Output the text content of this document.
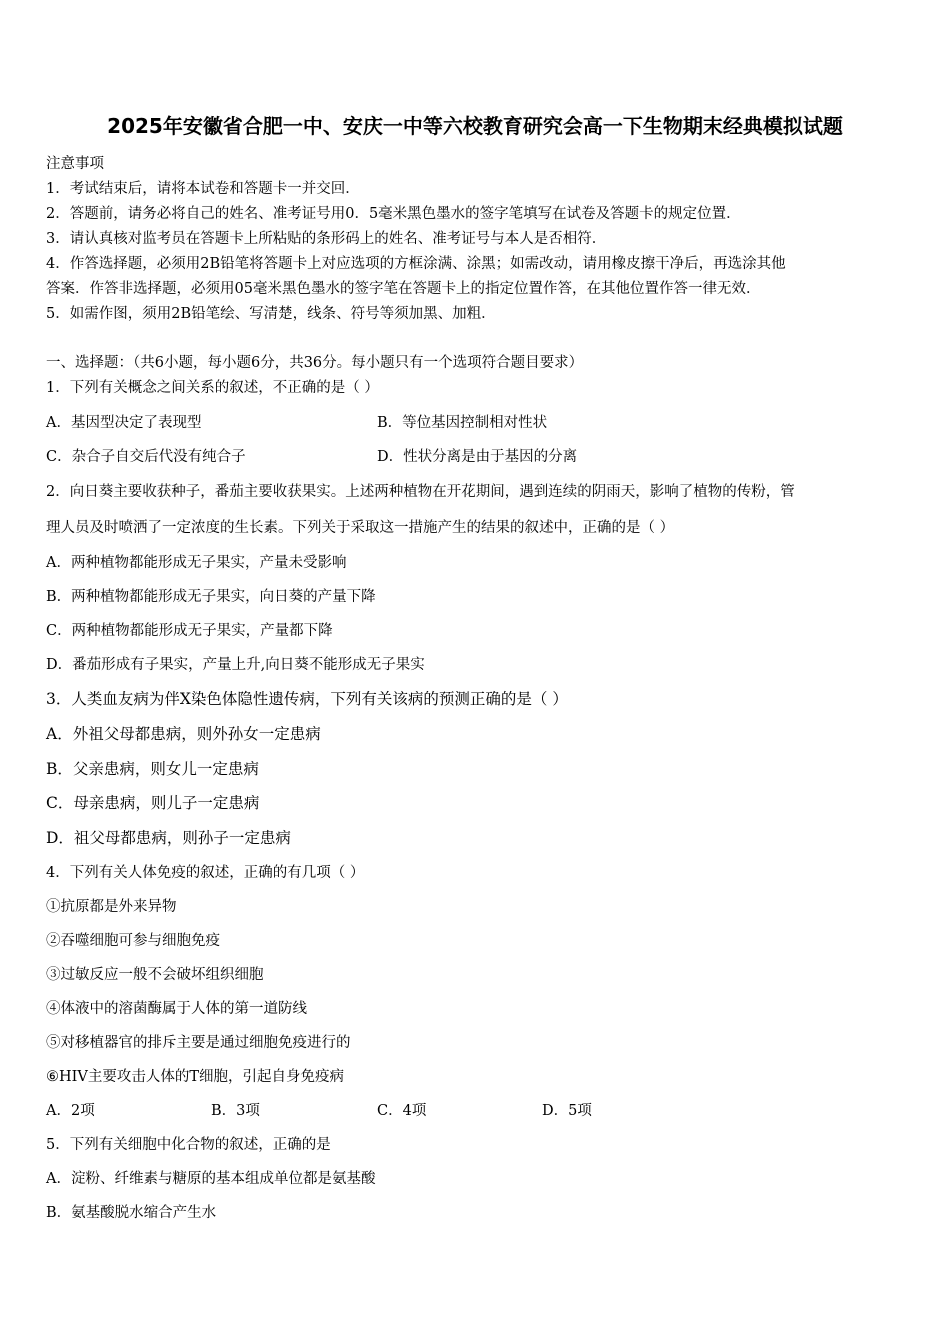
2025年安徽省合肥一中、安庆一中等六校教育研究会高一下生物期末经典模拟试题
注意事项
1．考试结束后，请将本试卷和答题卡一并交回．
2．答题前，请务必将自己的姓名、准考证号用0．5毫米黑色墨水的签字笔填写在试卷及答题卡的规定位置．
3．请认真核对监考员在答题卡上所粘贴的条形码上的姓名、准考证号与本人是否相符．
4．作答选择题，必须用2B铅笔将答题卡上对应选项的方框涂满、涂黑；如需改动，请用橡皮擦干净后，再选涂其他
答案．作答非选择题，必须用05毫米黑色墨水的签字笔在答题卡上的指定位置作答，在其他位置作答一律无效．
5．如需作图，须用2B铅笔绘、写清楚，线条、符号等须加黑、加粗．
一、选择题：（共6小题，每小题6分，共36分。每小题只有一个选项符合题目要求）
1．下列有关概念之间关系的叙述，不正确的是（ ）
A．基因型决定了表现型	B．等位基因控制相对性状
C．杂合子自交后代没有纯合子	D．性状分离是由于基因的分离
2．向日葵主要收获种子，番茄主要收获果实。上述两种植物在开花期间，遇到连续的阴雨天，影响了植物的传粉，管
理人员及时喷洒了一定浓度的生长素。下列关于采取这一措施产生的结果的叙述中，正确的是（ ）
A．两种植物都能形成无子果实，产量未受影响
B．两种植物都能形成无子果实，向日葵的产量下降
C．两种植物都能形成无子果实，产量都下降
D．番茄形成有子果实，产量上升,向日葵不能形成无子果实
3．人类血友病为伴X染色体隐性遗传病，下列有关该病的预测正确的是（ ）
A．外祖父母都患病，则外孙女一定患病
B．父亲患病，则女儿一定患病
C．母亲患病，则儿子一定患病
D．祖父母都患病，则孙子一定患病
4．下列有关人体免疫的叙述，正确的有几项（ ）
①抗原都是外来异物
②吞噬细胞可参与细胞免疫
③过敏反应一般不会破坏组织细胞
④体液中的溶菌酶属于人体的第一道防线
⑤对移植器官的排斥主要是通过细胞免疫进行的
⑥HIV主要攻击人体的T细胞，引起自身免疫病
A．2项	B．3项	C．4项	D．5项
5．下列有关细胞中化合物的叙述，正确的是
A．淀粉、纤维素与糖原的基本组成单位都是氨基酸
B．氨基酸脱水缩合产生水
